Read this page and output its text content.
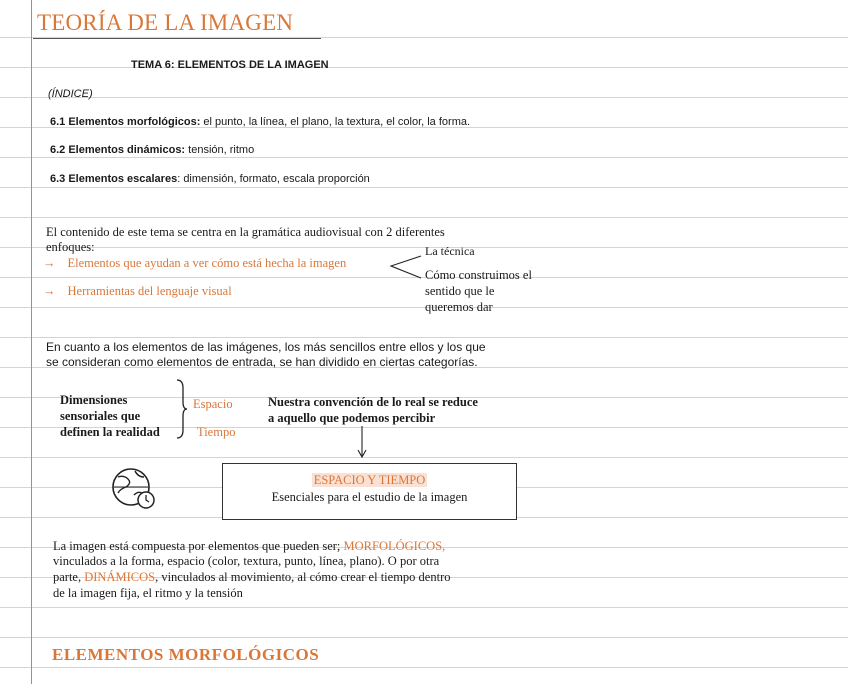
TEORÍA DE LA IMAGEN
TEMA 6: ELEMENTOS DE LA IMAGEN
(ÍNDICE)
6.1 Elementos morfológicos: el punto, la línea, el plano, la textura, el color, la forma.
6.2 Elementos dinámicos: tensión, ritmo
6.3 Elementos escalares: dimensión, formato, escala proporción
El contenido de este tema se centra en la gramática audiovisual con 2 diferentes
enfoques:
→ Elementos que ayudan a ver cómo está hecha la imagen
→ Herramientas del lenguaje visual
La técnica
Cómo construimos el
sentido que le
queremos dar
En cuanto a los elementos de las imágenes, los más sencillos entre ellos y los que
se consideran como elementos de entrada, se han dividido en ciertas categorías.
Dimensiones
sensoriales que
definen la realidad
Espacio
Tiempo
Nuestra convención de lo real se reduce
a aquello que podemos percibir
ESPACIO Y TIEMPO
Esenciales para el estudio de la imagen
La imagen está compuesta por elementos que pueden ser; MORFOLÓGICOS,
vinculados a la forma, espacio (color, textura, punto, línea, plano). O por otra
parte, DINÁMICOS, vinculados al movimiento, al cómo crear el tiempo dentro
de la imagen fija, el ritmo y la tensión
ELEMENTOS MORFOLÓGICOS
